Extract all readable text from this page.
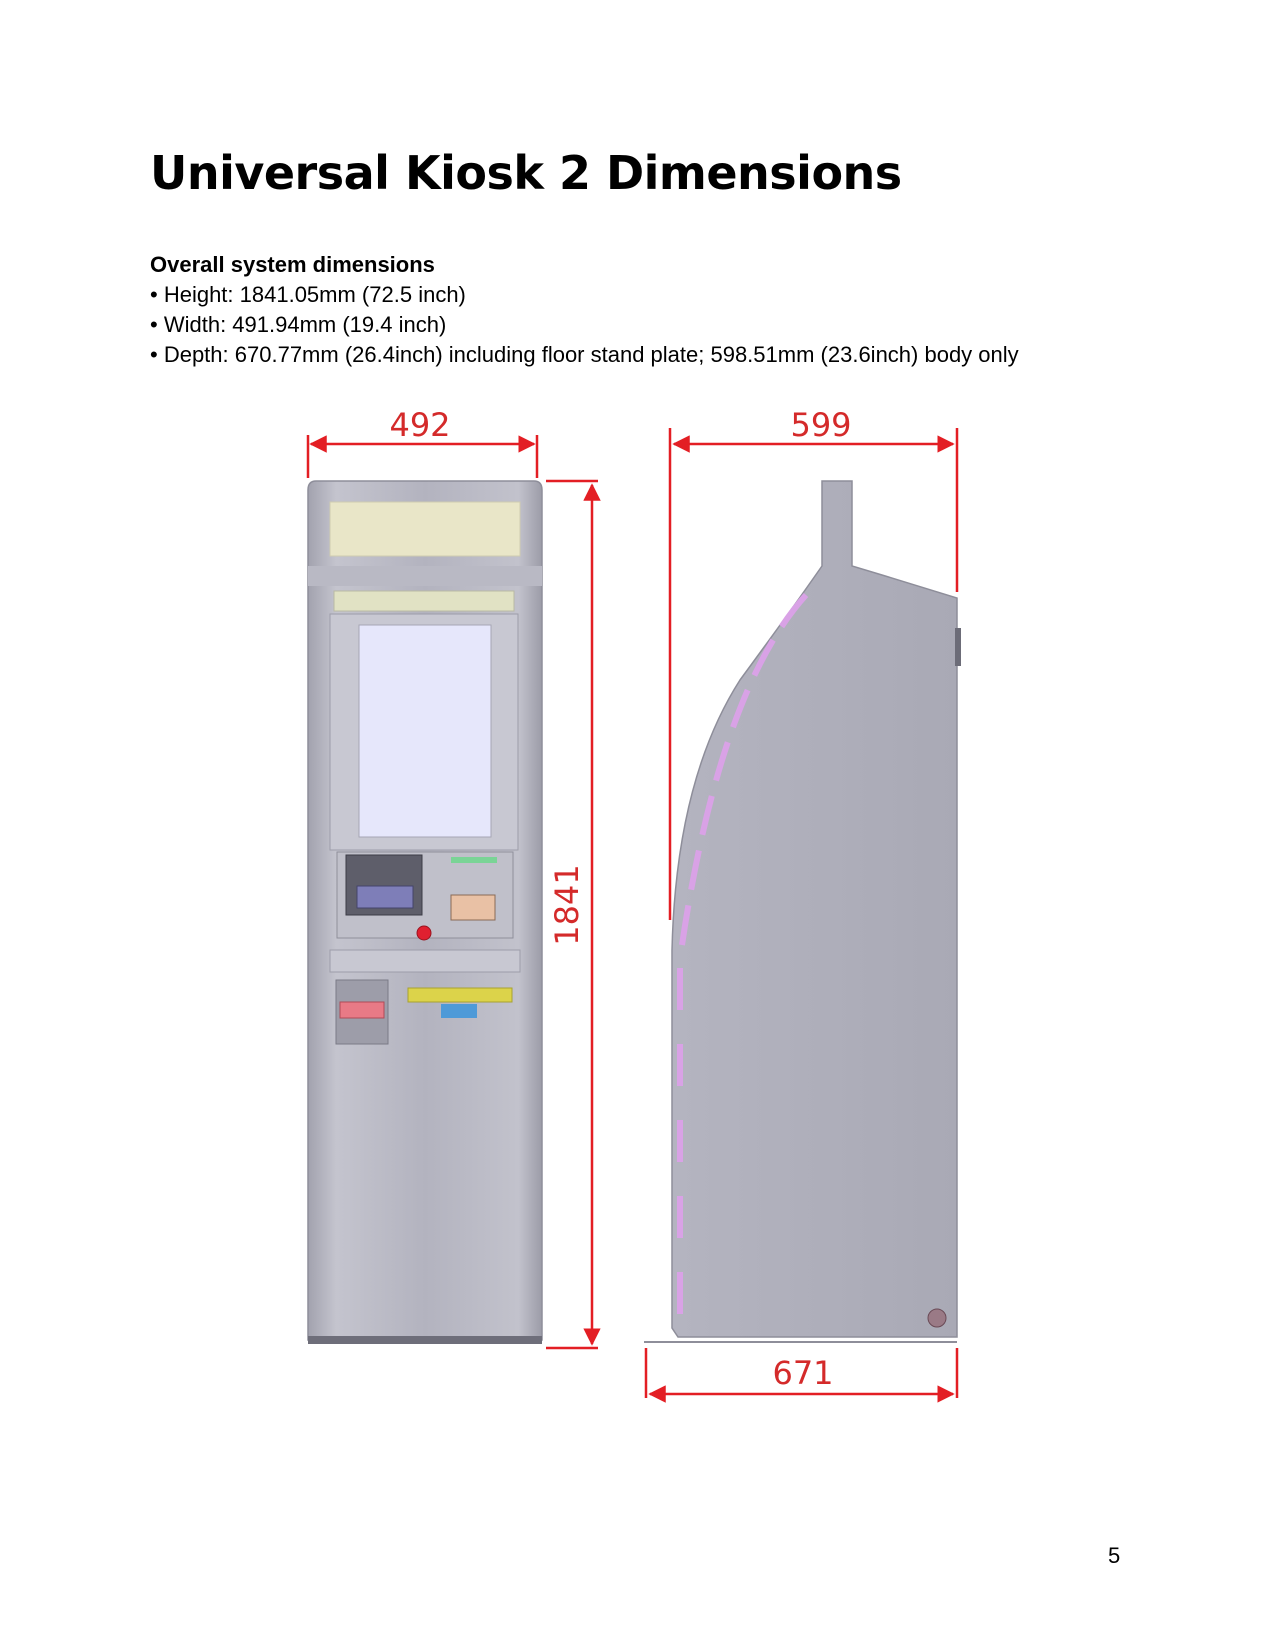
Universal Kiosk 2 Dimensions
Overall system dimensions
• Height: 1841.05mm (72.5 inch)
• Width: 491.94mm (19.4 inch)
• Depth: 670.77mm (26.4inch) including floor stand plate; 598.51mm (23.6inch) body only
492	599
1841
671
5
